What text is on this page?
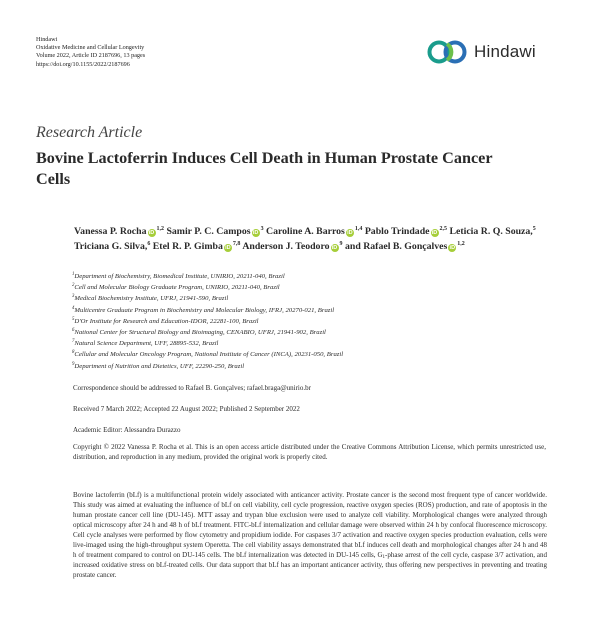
Hindawi
Oxidative Medicine and Cellular Longevity
Volume 2022, Article ID 2187696, 13 pages
https://doi.org/10.1155/2022/2187696
Hindawi
Research Article
Bovine Lactoferrin Induces Cell Death in Human Prostate Cancer Cells
Vanessa P. Rocha iD$^{1,2}$ Samir P. C. Campos $iD^3$ Caroline A. Barros iD$^{1,4}$ Pablo Trindade iD$^{2,5}$ Leticia R. Q. Souza,$^5$ Triciana G. Silva,$^6$ Etel R. P. Gimba iD$^{7,8}$ Anderson J. Teodoro $iD^9$ and Rafael B. Gonçalves iD$^{1,2}$
$^1$Department of Biochemistry, Biomedical Institute, UNIRIO, 20211-040, Brazil
$^2$Cell and Molecular Biology Graduate Program, UNIRIO, 20211-040, Brazil
$^3$Medical Biochemistry Institute, UFRJ, 21941-590, Brazil
$^4$Multicentre Graduate Program in Biochemistry and Molecular Biology, IFRJ, 20270-021, Brazil
$^5$D'Or Institute for Research and Education-IDOR, 22281-100, Brazil
$^6$National Center for Structural Biology and Bioimaging, CENABIO, UFRJ, 21941-902, Brazil
$^7$Natural Science Department, UFF, 28895-532, Brazil
$^8$Cellular and Molecular Oncology Program, National Institute of Cancer (INCA), 20231-050, Brazil
$^9$Department of Nutrition and Dietetics, UFF, 22290-250, Brazil
Correspondence should be addressed to Rafael B. Gonçalves; rafael.braga@unirio.br
Received 7 March 2022; Accepted 22 August 2022; Published 2 September 2022
Academic Editor: Alessandra Durazzo
Copyright © 2022 Vanessa P. Rocha et al. This is an open access article distributed under the Creative Commons Attribution License, which permits unrestricted use, distribution, and reproduction in any medium, provided the original work is properly cited.
Bovine lactoferrin (bLf) is a multifunctional protein widely associated with anticancer activity. Prostate cancer is the second most frequent type of cancer worldwide. This study was aimed at evaluating the influence of bLf on cell viability, cell cycle progression, reactive oxygen species (ROS) production, and rate of apoptosis in the human prostate cancer cell line (DU-145). MTT assay and trypan blue exclusion were used to analyze cell viability. Morphological changes were analyzed through optical microscopy after 24 h and 48 h of bLf treatment. FITC-bLf internalization and cellular damage were observed within 24 h by confocal fluorescence microscopy. Cell cycle analyses were performed by flow cytometry and propidium iodide. For caspases 3/7 activation and reactive oxygen species production evaluation, cells were live-imaged using the high-throughput system Operetta. The cell viability assays demonstrated that bLf induces cell death and morphological changes after 24 h and 48 h of treatment compared to control on DU-145 cells. The bLf internalization was detected in DU-145 cells, $G_1$-phase arrest of the cell cycle, caspase 3/7 activation, and increased oxidative stress on bLf-treated cells. Our data support that bLf has an important anticancer activity, thus offering new perspectives in preventing and treating prostate cancer.
